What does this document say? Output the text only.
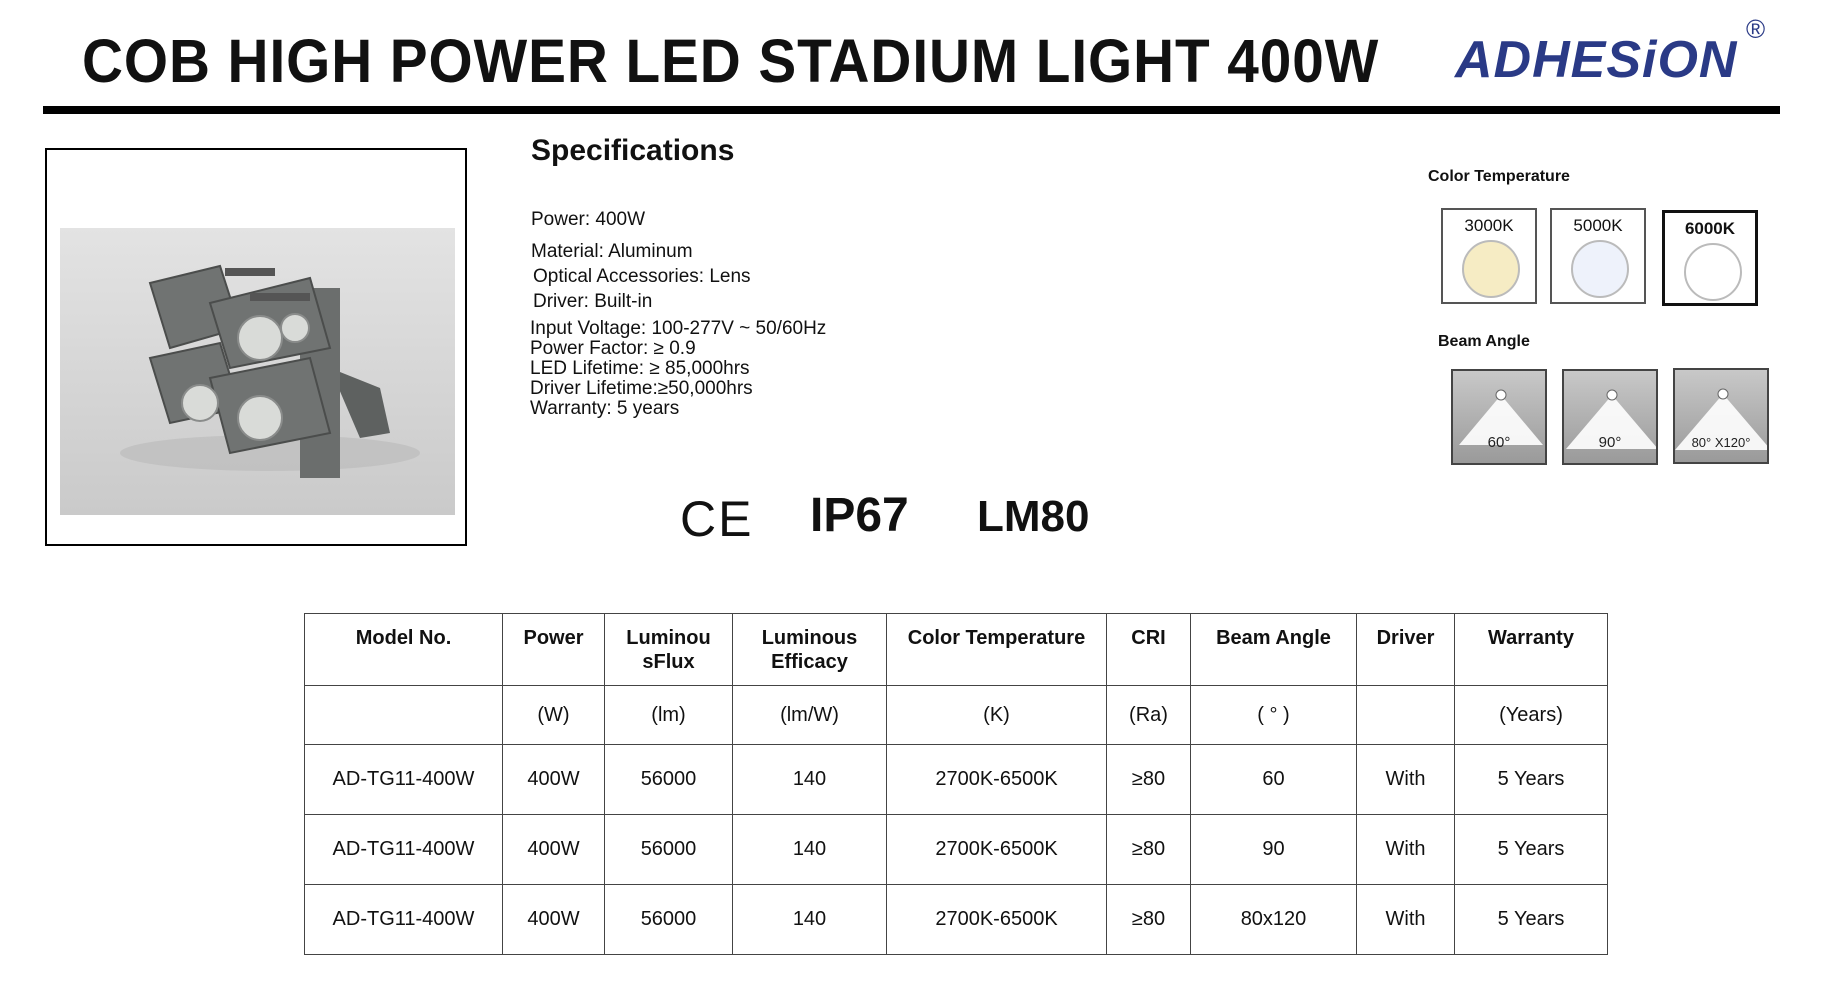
COB HIGH POWER LED STADIUM LIGHT 400W ADHESiON
®
Specifications
Power: 400W
Material: Aluminum
Optical Accessories: Lens
Driver: Built-in
Input Voltage: 100-277V ~ 50/60Hz
Power Factor: ≥ 0.9
LED Lifetime: ≥ 85,000hrs
Driver Lifetime:≥50,000hrs
Warranty: 5 years
CE IP67 LM80
Color Temperature
3000K	5000K	6000K
Beam Angle
60°	90°	80° X120°
Model No.	Power	Luminou sFlux	Luminous Efficacy	Color Temperature	CRI	Beam Angle	Driver	Warranty
	(W)	(lm)	(lm/W)	(K)	(Ra)	( ° )		(Years)
AD-TG11-400W	400W	56000	140	2700K-6500K	≥80	60	With	5 Years
AD-TG11-400W	400W	56000	140	2700K-6500K	≥80	90	With	5 Years
AD-TG11-400W	400W	56000	140	2700K-6500K	≥80	80x120	With	5 Years
